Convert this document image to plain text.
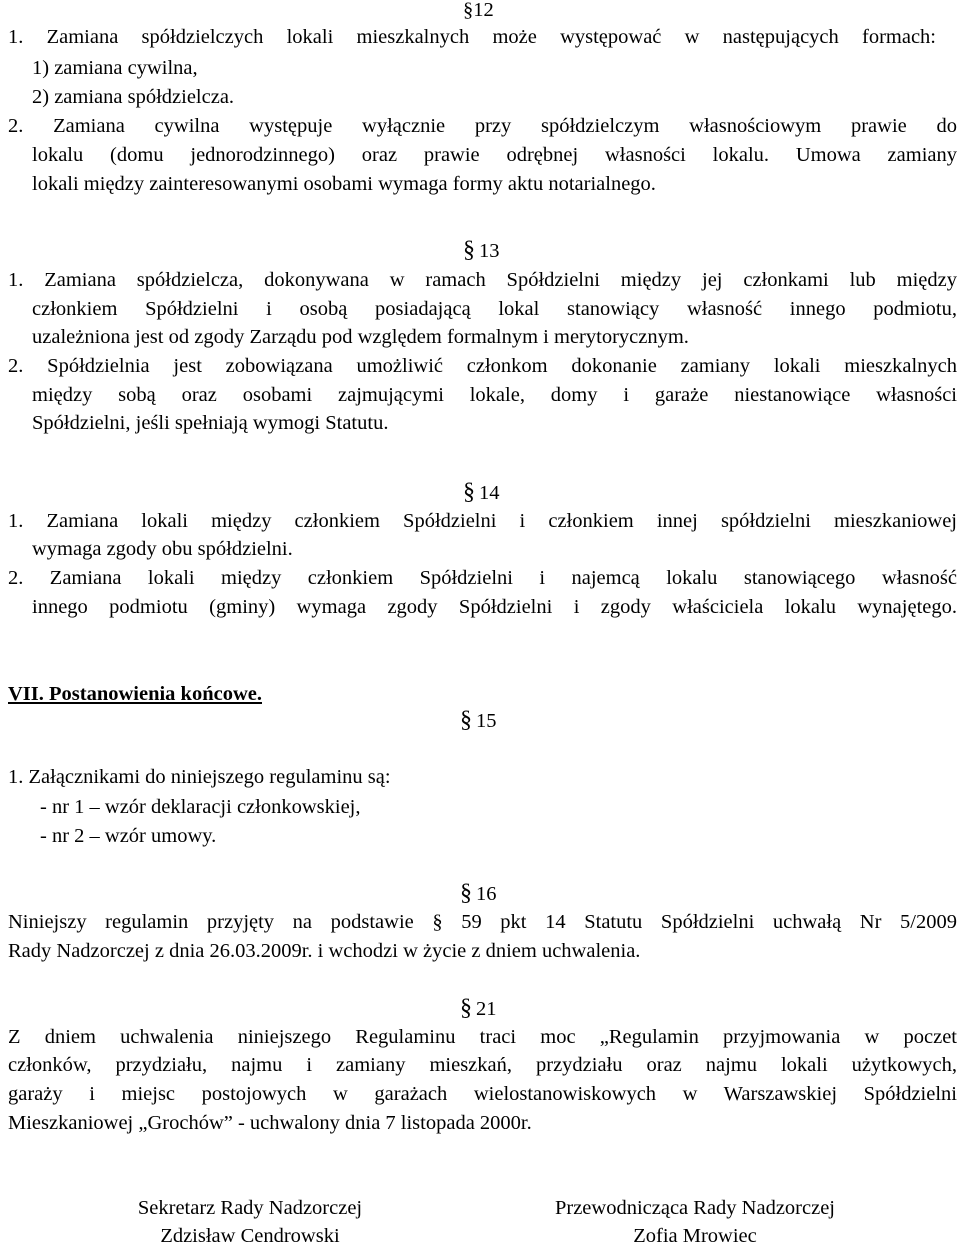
§12
1. Zamiana spółdzielczych lokali mieszkalnych może występować w następujących formach:
1) zamiana cywilna,
2) zamiana spółdzielcza.
2. Zamiana cywilna występuje wyłącznie przy spółdzielczym własnościowym prawie do
lokalu (domu jednorodzinnego) oraz prawie odrębnej własności lokalu. Umowa zamiany
lokali między zainteresowanymi osobami wymaga formy aktu notarialnego.
§ 13
1. Zamiana spółdzielcza, dokonywana w ramach Spółdzielni między jej członkami lub między
członkiem Spółdzielni i osobą posiadającą lokal stanowiący własność innego podmiotu,
uzależniona jest od zgody Zarządu pod względem formalnym i merytorycznym.
2. Spółdzielnia jest zobowiązana umożliwić członkom dokonanie zamiany lokali mieszkalnych
między sobą oraz osobami zajmującymi lokale, domy i garaże niestanowiące własności
Spółdzielni, jeśli spełniają wymogi Statutu.
§ 14
1. Zamiana lokali między członkiem Spółdzielni i członkiem innej spółdzielni mieszkaniowej
wymaga zgody obu spółdzielni.
2. Zamiana lokali między członkiem Spółdzielni i najemcą lokalu stanowiącego własność
innego podmiotu (gminy) wymaga zgody Spółdzielni i zgody właściciela lokalu wynajętego.
VII. Postanowienia końcowe.
§ 15
1. Załącznikami do niniejszego regulaminu są:
- nr 1 – wzór deklaracji członkowskiej,
- nr 2 – wzór umowy.
§ 16
Niniejszy regulamin przyjęty na podstawie § 59 pkt 14 Statutu Spółdzielni uchwałą Nr 5/2009
Rady Nadzorczej z dnia 26.03.2009r. i wchodzi w życie z dniem uchwalenia.
§ 21
Z dniem uchwalenia niniejszego Regulaminu traci moc „Regulamin przyjmowania w poczet
członków, przydziału, najmu i zamiany mieszkań, przydziału oraz najmu lokali użytkowych,
garaży i miejsc postojowych w garażach wielostanowiskowych w Warszawskiej Spółdzielni
Mieszkaniowej „Grochów” - uchwalony dnia 7 listopada 2000r.
Sekretarz Rady Nadzorczej
Zdzisław Cendrowski
Przewodnicząca Rady Nadzorczej
Zofia Mrowiec
